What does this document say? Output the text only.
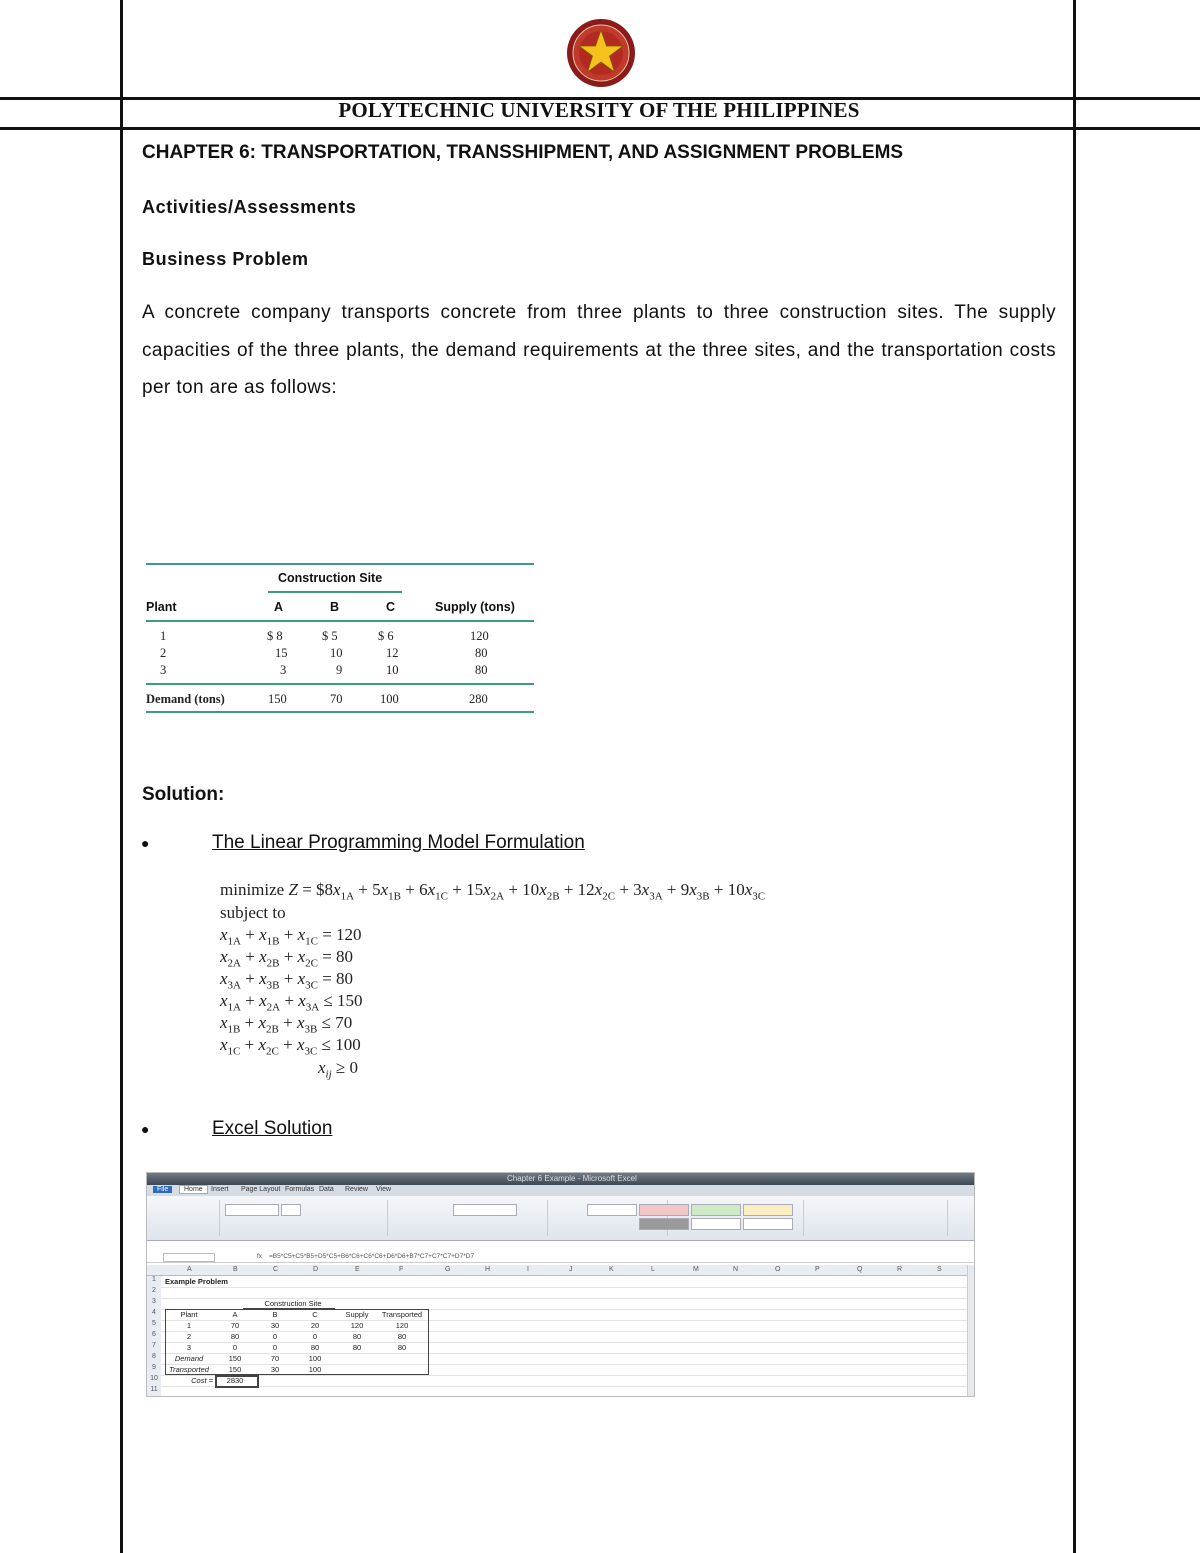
POLYTECHNIC UNIVERSITY OF THE PHILIPPINES
CHAPTER 6: TRANSPORTATION, TRANSSHIPMENT, AND ASSIGNMENT PROBLEMS
Activities/Assessments
Business Problem
A concrete company transports concrete from three plants to three construction sites. The supply capacities of the three plants, the demand requirements at the three sites, and the transportation costs per ton are as follows:
Construction Site
Plant	A	B	C	Supply (tons)
1	$ 8	$ 5	$ 6	120
2	15	10	12	80
3	3	9	10	80
Demand (tons)	150	70	100	280
Solution:
●	The Linear Programming Model Formulation
minimize $Z = \$8x_{1A} + 5x_{1B} + 6x_{1C} + 15x_{2A} + 10x_{2B} + 12x_{2C} + 3x_{3A} + 9x_{3B} + 10x_{3C}$
subject to
$x_{1A} + x_{1B} + x_{1C} = 120$
$x_{2A} + x_{2B} + x_{2C} = 80$
$x_{3A} + x_{3B} + x_{3C} = 80$
$x_{1A} + x_{2A} + x_{3A} \le 150$
$x_{1B} + x_{2B} + x_{3B} \le 70$
$x_{1C} + x_{2C} + x_{3C} \le 100$
$x_{ij} \ge 0$
●	Excel Solution
Chapter 6 Example - Microsoft Excel
File	Home	Insert Page Layout Formulas Data Review View
fx =B5*C5+C5*B5+D5*C5+B6*C6+C6*C6+D6*D6+B7*C7+C7*C7+D7*D7
A	B	C	D	E	F	G	H	I	J	K	L	M	N	O	P	Q	R	S
1	Example Problem
2
3	Construction Site
4	Plant	A	B	C	Supply	Transported
5	1	70	30	20	120	120
6	2	80	0	0	80	80
7	3	0	0	80	80	80
8	Demand	150	70	100
9	Transported	150	30	100
10	Cost =	2830
11
